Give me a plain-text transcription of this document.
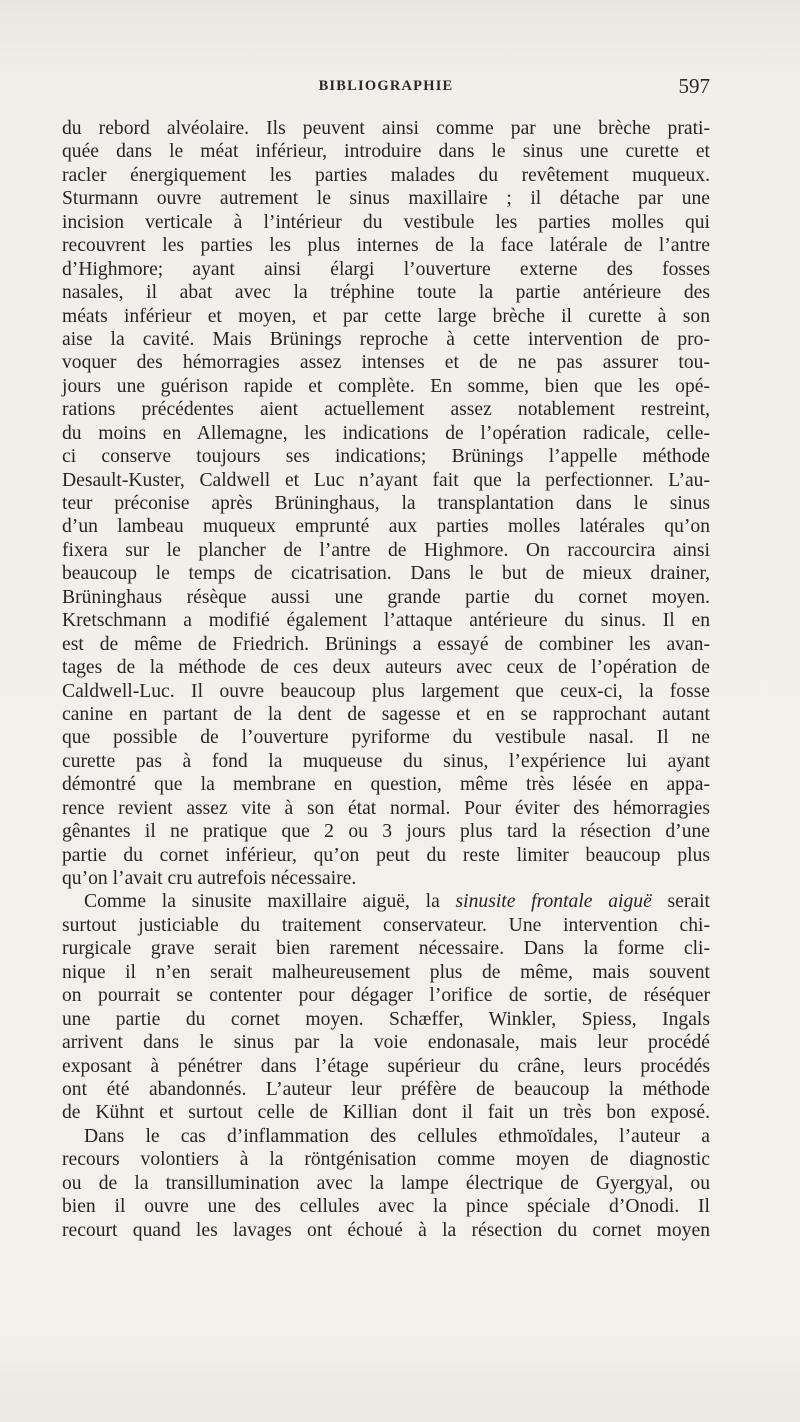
BIBLIOGRAPHIE	597
du rebord alvéolaire. Ils peuvent ainsi comme par une brèche prati-
quée dans le méat inférieur, introduire dans le sinus une curette et
racler énergiquement les parties malades du revêtement muqueux.
Sturmann ouvre autrement le sinus maxillaire ; il détache par une
incision verticale à l’intérieur du vestibule les parties molles qui
recouvrent les parties les plus internes de la face latérale de l’antre
d’Highmore; ayant ainsi élargi l’ouverture externe des fosses
nasales, il abat avec la tréphine toute la partie antérieure des
méats inférieur et moyen, et par cette large brèche il curette à son
aise la cavité. Mais Brünings reproche à cette intervention de pro-
voquer des hémorragies assez intenses et de ne pas assurer tou-
jours une guérison rapide et complète. En somme, bien que les opé-
rations précédentes aient actuellement assez notablement restreint,
du moins en Allemagne, les indications de l’opération radicale, celle-
ci conserve toujours ses indications; Brünings l’appelle méthode
Desault-Kuster, Caldwell et Luc n’ayant fait que la perfectionner. L’au-
teur préconise après Brüninghaus, la transplantation dans le sinus
d’un lambeau muqueux emprunté aux parties molles latérales qu’on
fixera sur le plancher de l’antre de Highmore. On raccourcira ainsi
beaucoup le temps de cicatrisation. Dans le but de mieux drainer,
Brüninghaus résèque aussi une grande partie du cornet moyen.
Kretschmann a modifié également l’attaque antérieure du sinus. Il en
est de même de Friedrich. Brünings a essayé de combiner les avan-
tages de la méthode de ces deux auteurs avec ceux de l’opération de
Caldwell-Luc. Il ouvre beaucoup plus largement que ceux-ci, la fosse
canine en partant de la dent de sagesse et en se rapprochant autant
que possible de l’ouverture pyriforme du vestibule nasal. Il ne
curette pas à fond la muqueuse du sinus, l’expérience lui ayant
démontré que la membrane en question, même très lésée en appa-
rence revient assez vite à son état normal. Pour éviter des hémorragies
gênantes il ne pratique que 2 ou 3 jours plus tard la résection d’une
partie du cornet inférieur, qu’on peut du reste limiter beaucoup plus
qu’on l’avait cru autrefois nécessaire.
Comme la sinusite maxillaire aiguë, la sinusite frontale aiguë serait
surtout justiciable du traitement conservateur. Une intervention chi-
rurgicale grave serait bien rarement nécessaire. Dans la forme cli-
nique il n’en serait malheureusement plus de même, mais souvent
on pourrait se contenter pour dégager l’orifice de sortie, de réséquer
une partie du cornet moyen. Schæffer, Winkler, Spiess, Ingals
arrivent dans le sinus par la voie endonasale, mais leur procédé
exposant à pénétrer dans l’étage supérieur du crâne, leurs procédés
ont été abandonnés. L’auteur leur préfère de beaucoup la méthode
de Kühnt et surtout celle de Killian dont il fait un très bon exposé.
Dans le cas d’inflammation des cellules ethmoïdales, l’auteur a
recours volontiers à la röntgénisation comme moyen de diagnostic
ou de la transillumination avec la lampe électrique de Gyergyal, ou
bien il ouvre une des cellules avec la pince spéciale d’Onodi. Il
recourt quand les lavages ont échoué à la résection du cornet moyen
